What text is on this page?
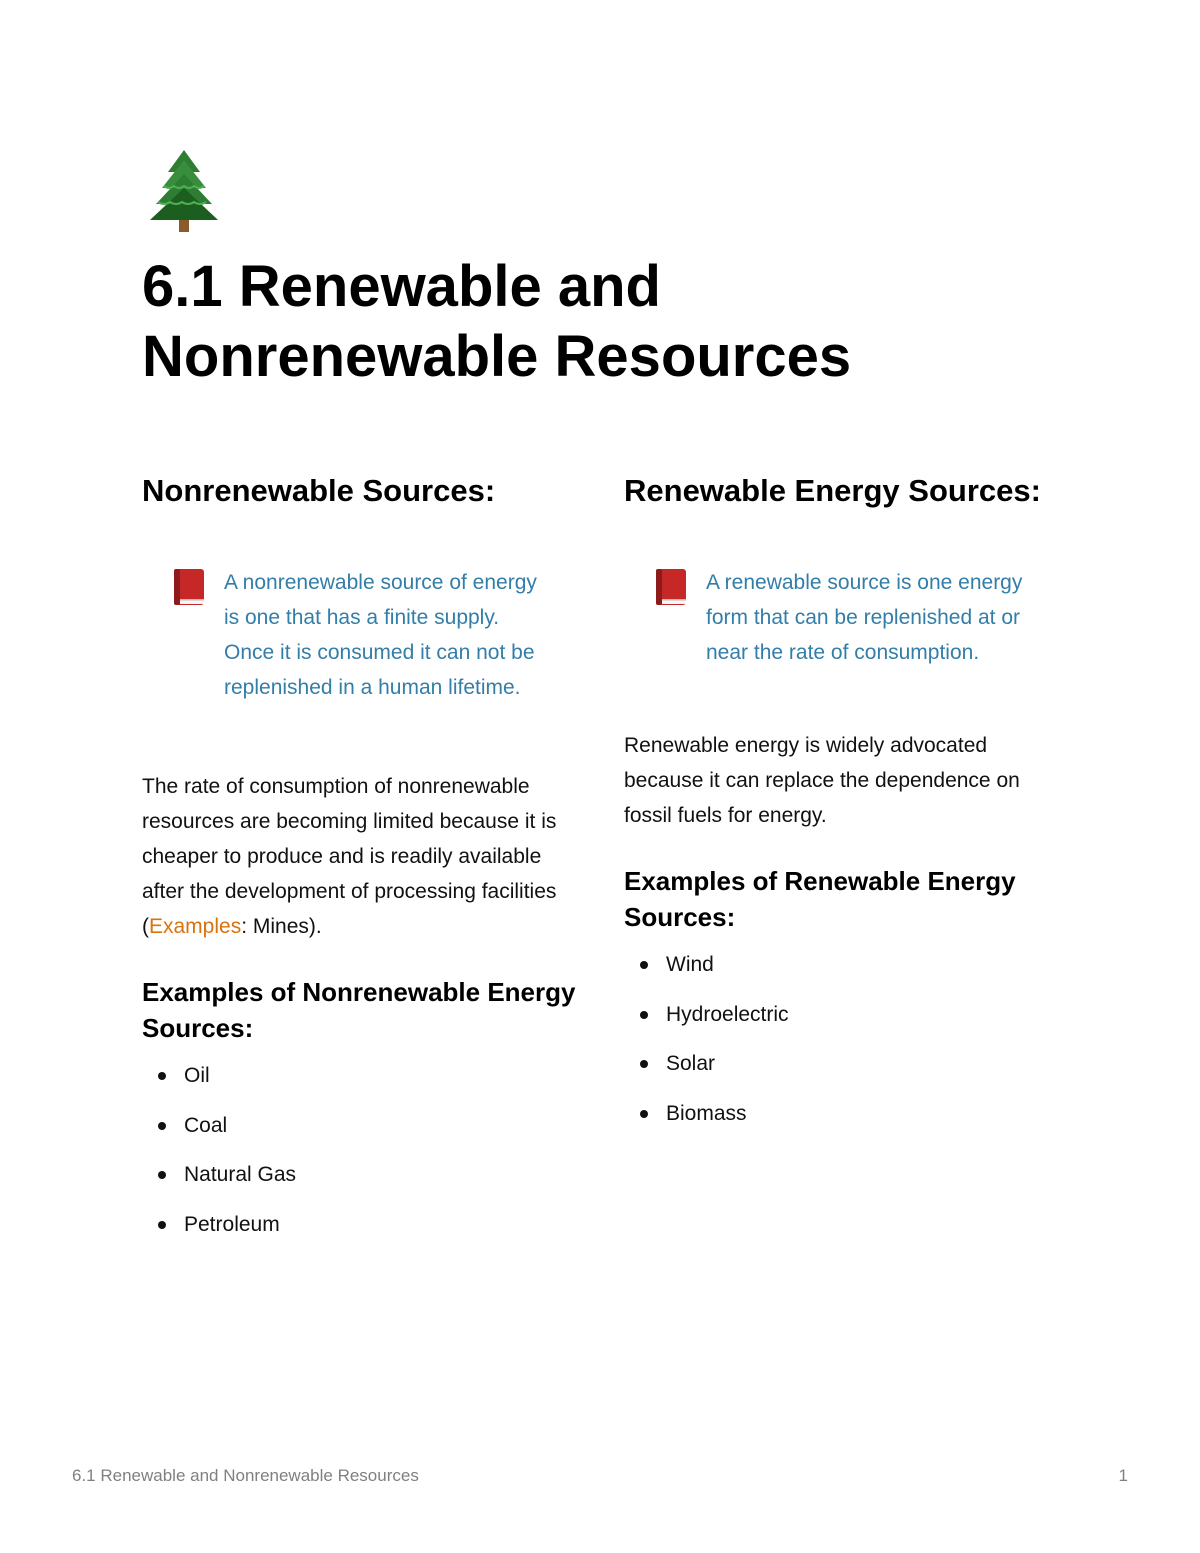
6.1 Renewable and Nonrenewable Resources
Nonrenewable Sources:

A nonrenewable source of energy is one that has a finite supply. Once it is consumed it can not be replenished in a human lifetime.

The rate of consumption of nonrenewable resources are becoming limited because it is cheaper to produce and is readily available after the development of processing facilities (Examples: Mines).

Examples of Nonrenewable Energy Sources:
Oil
Coal
Natural Gas
Petroleum
Renewable Energy Sources:

A renewable source is one energy form that can be replenished at or near the rate of consumption.

Renewable energy is widely advocated because it can replace the dependence on fossil fuels for energy.

Examples of Renewable Energy Sources:
Wind
Hydroelectric
Solar
Biomass
6.1 Renewable and Nonrenewable Resources	1
